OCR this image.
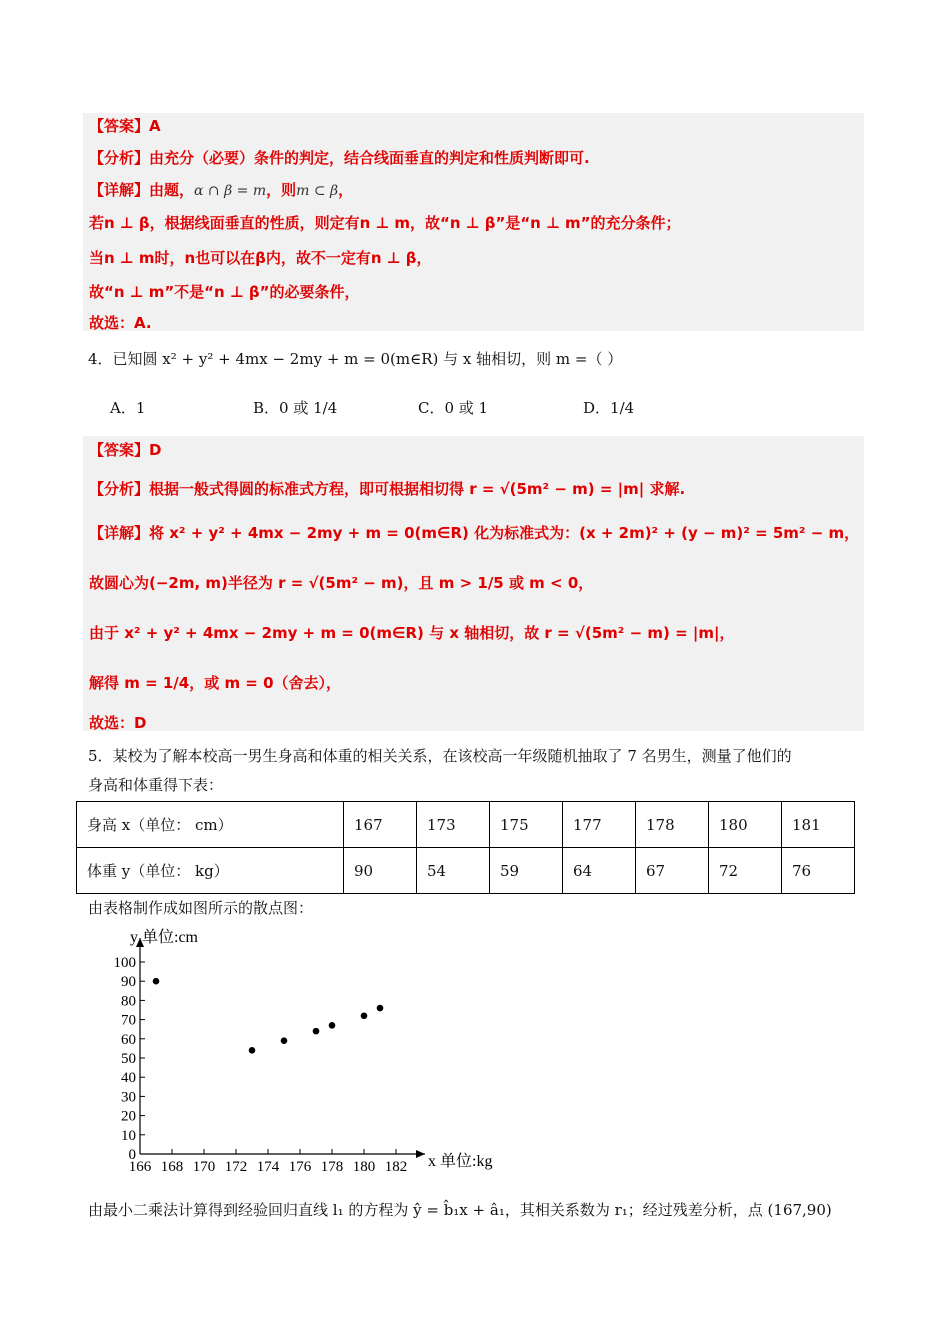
【答案】A
【分析】由充分（必要）条件的判定，结合线面垂直的判定和性质判断即可.
【详解】由题，α ∩ β = m，则m ⊂ β，
若n ⊥ β，根据线面垂直的性质，则定有n ⊥ m，故“n ⊥ β”是“n ⊥ m”的充分条件；
当n ⊥ m时，n也可以在β内，故不一定有n ⊥ β，
故“n ⊥ m”不是“n ⊥ β”的必要条件，
故选：A.
4．已知圆 x² + y² + 4mx − 2my + m = 0(m∈R) 与 x 轴相切，则 m =（ ）
A．1	B．0 或 1/4	C．0 或 1	D．1/4
【答案】D
【分析】根据一般式得圆的标准式方程，即可根据相切得 r = √(5m² − m) = |m| 求解.
【详解】将 x² + y² + 4mx − 2my + m = 0(m∈R) 化为标准式为：(x + 2m)² + (y − m)² = 5m² − m，
故圆心为(−2m, m)半径为 r = √(5m² − m)，且 m > 1/5 或 m < 0，
由于 x² + y² + 4mx − 2my + m = 0(m∈R) 与 x 轴相切，故 r = √(5m² − m) = |m|，
解得 m = 1/4，或 m = 0（舍去），
故选：D
5．某校为了解本校高一男生身高和体重的相关关系，在该校高一年级随机抽取了 7 名男生，测量了他们的
身高和体重得下表：
身高 x（单位： cm）	167	173	175	177	178	180	181
体重 y（单位： kg）	90	54	59	64	67	72	76
由表格制作成如图所示的散点图：
0
10
20
30
40
50
60
70
80
90
100
166 168 170 172 174 176 178 180 182
y 单位:cm
x 单位:kg
由最小二乘法计算得到经验回归直线 l₁ 的方程为 ŷ = b̂₁x + â₁，其相关系数为 r₁；经过残差分析，点 (167,90)
